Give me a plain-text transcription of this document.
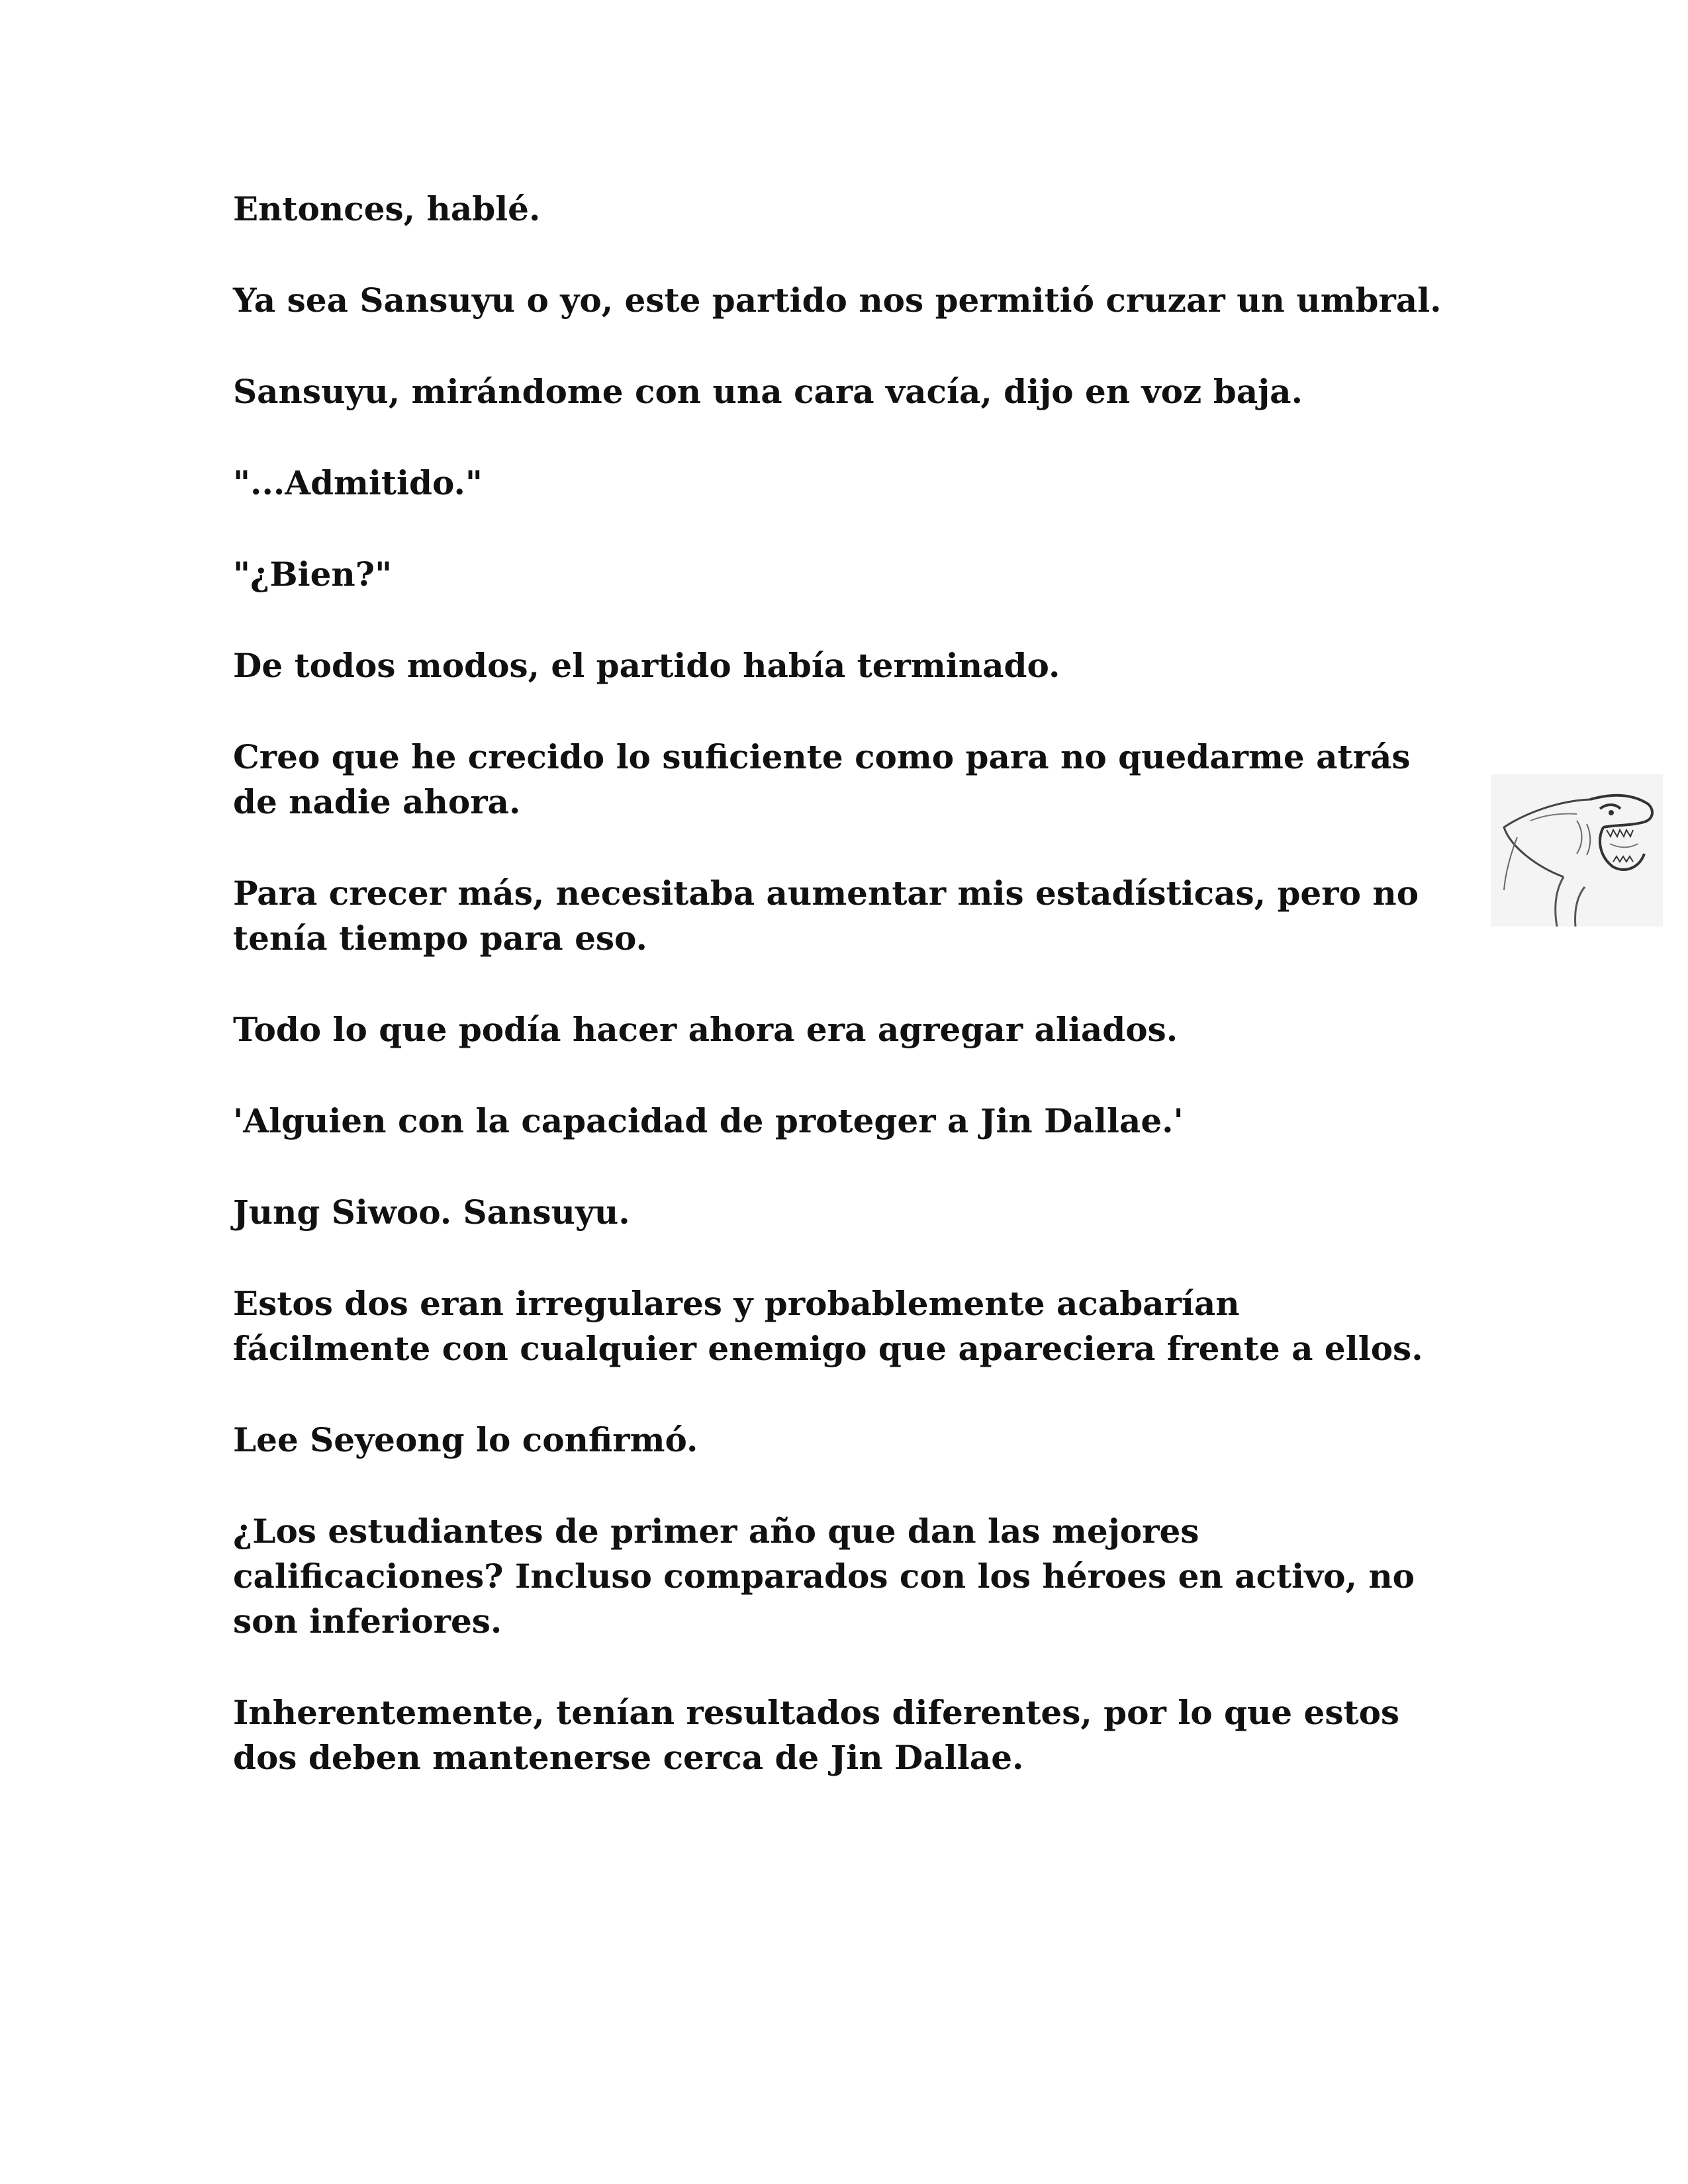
Entonces, hablé.

Ya sea Sansuyu o yo, este partido nos permitió cruzar un umbral.

Sansuyu, mirándome con una cara vacía, dijo en voz baja.

"...Admitido."

"¿Bien?"

De todos modos, el partido había terminado.

Creo que he crecido lo suficiente como para no quedarme atrás de nadie ahora.

Para crecer más, necesitaba aumentar mis estadísticas, pero no tenía tiempo para eso.

Todo lo que podía hacer ahora era agregar aliados.

'Alguien con la capacidad de proteger a Jin Dallae.'

Jung Siwoo. Sansuyu.

Estos dos eran irregulares y probablemente acabarían fácilmente con cualquier enemigo que apareciera frente a ellos.

Lee Seyeong lo confirmó.

¿Los estudiantes de primer año que dan las mejores calificaciones? Incluso comparados con los héroes en activo, no son inferiores.

Inherentemente, tenían resultados diferentes, por lo que estos dos deben mantenerse cerca de Jin Dallae.
